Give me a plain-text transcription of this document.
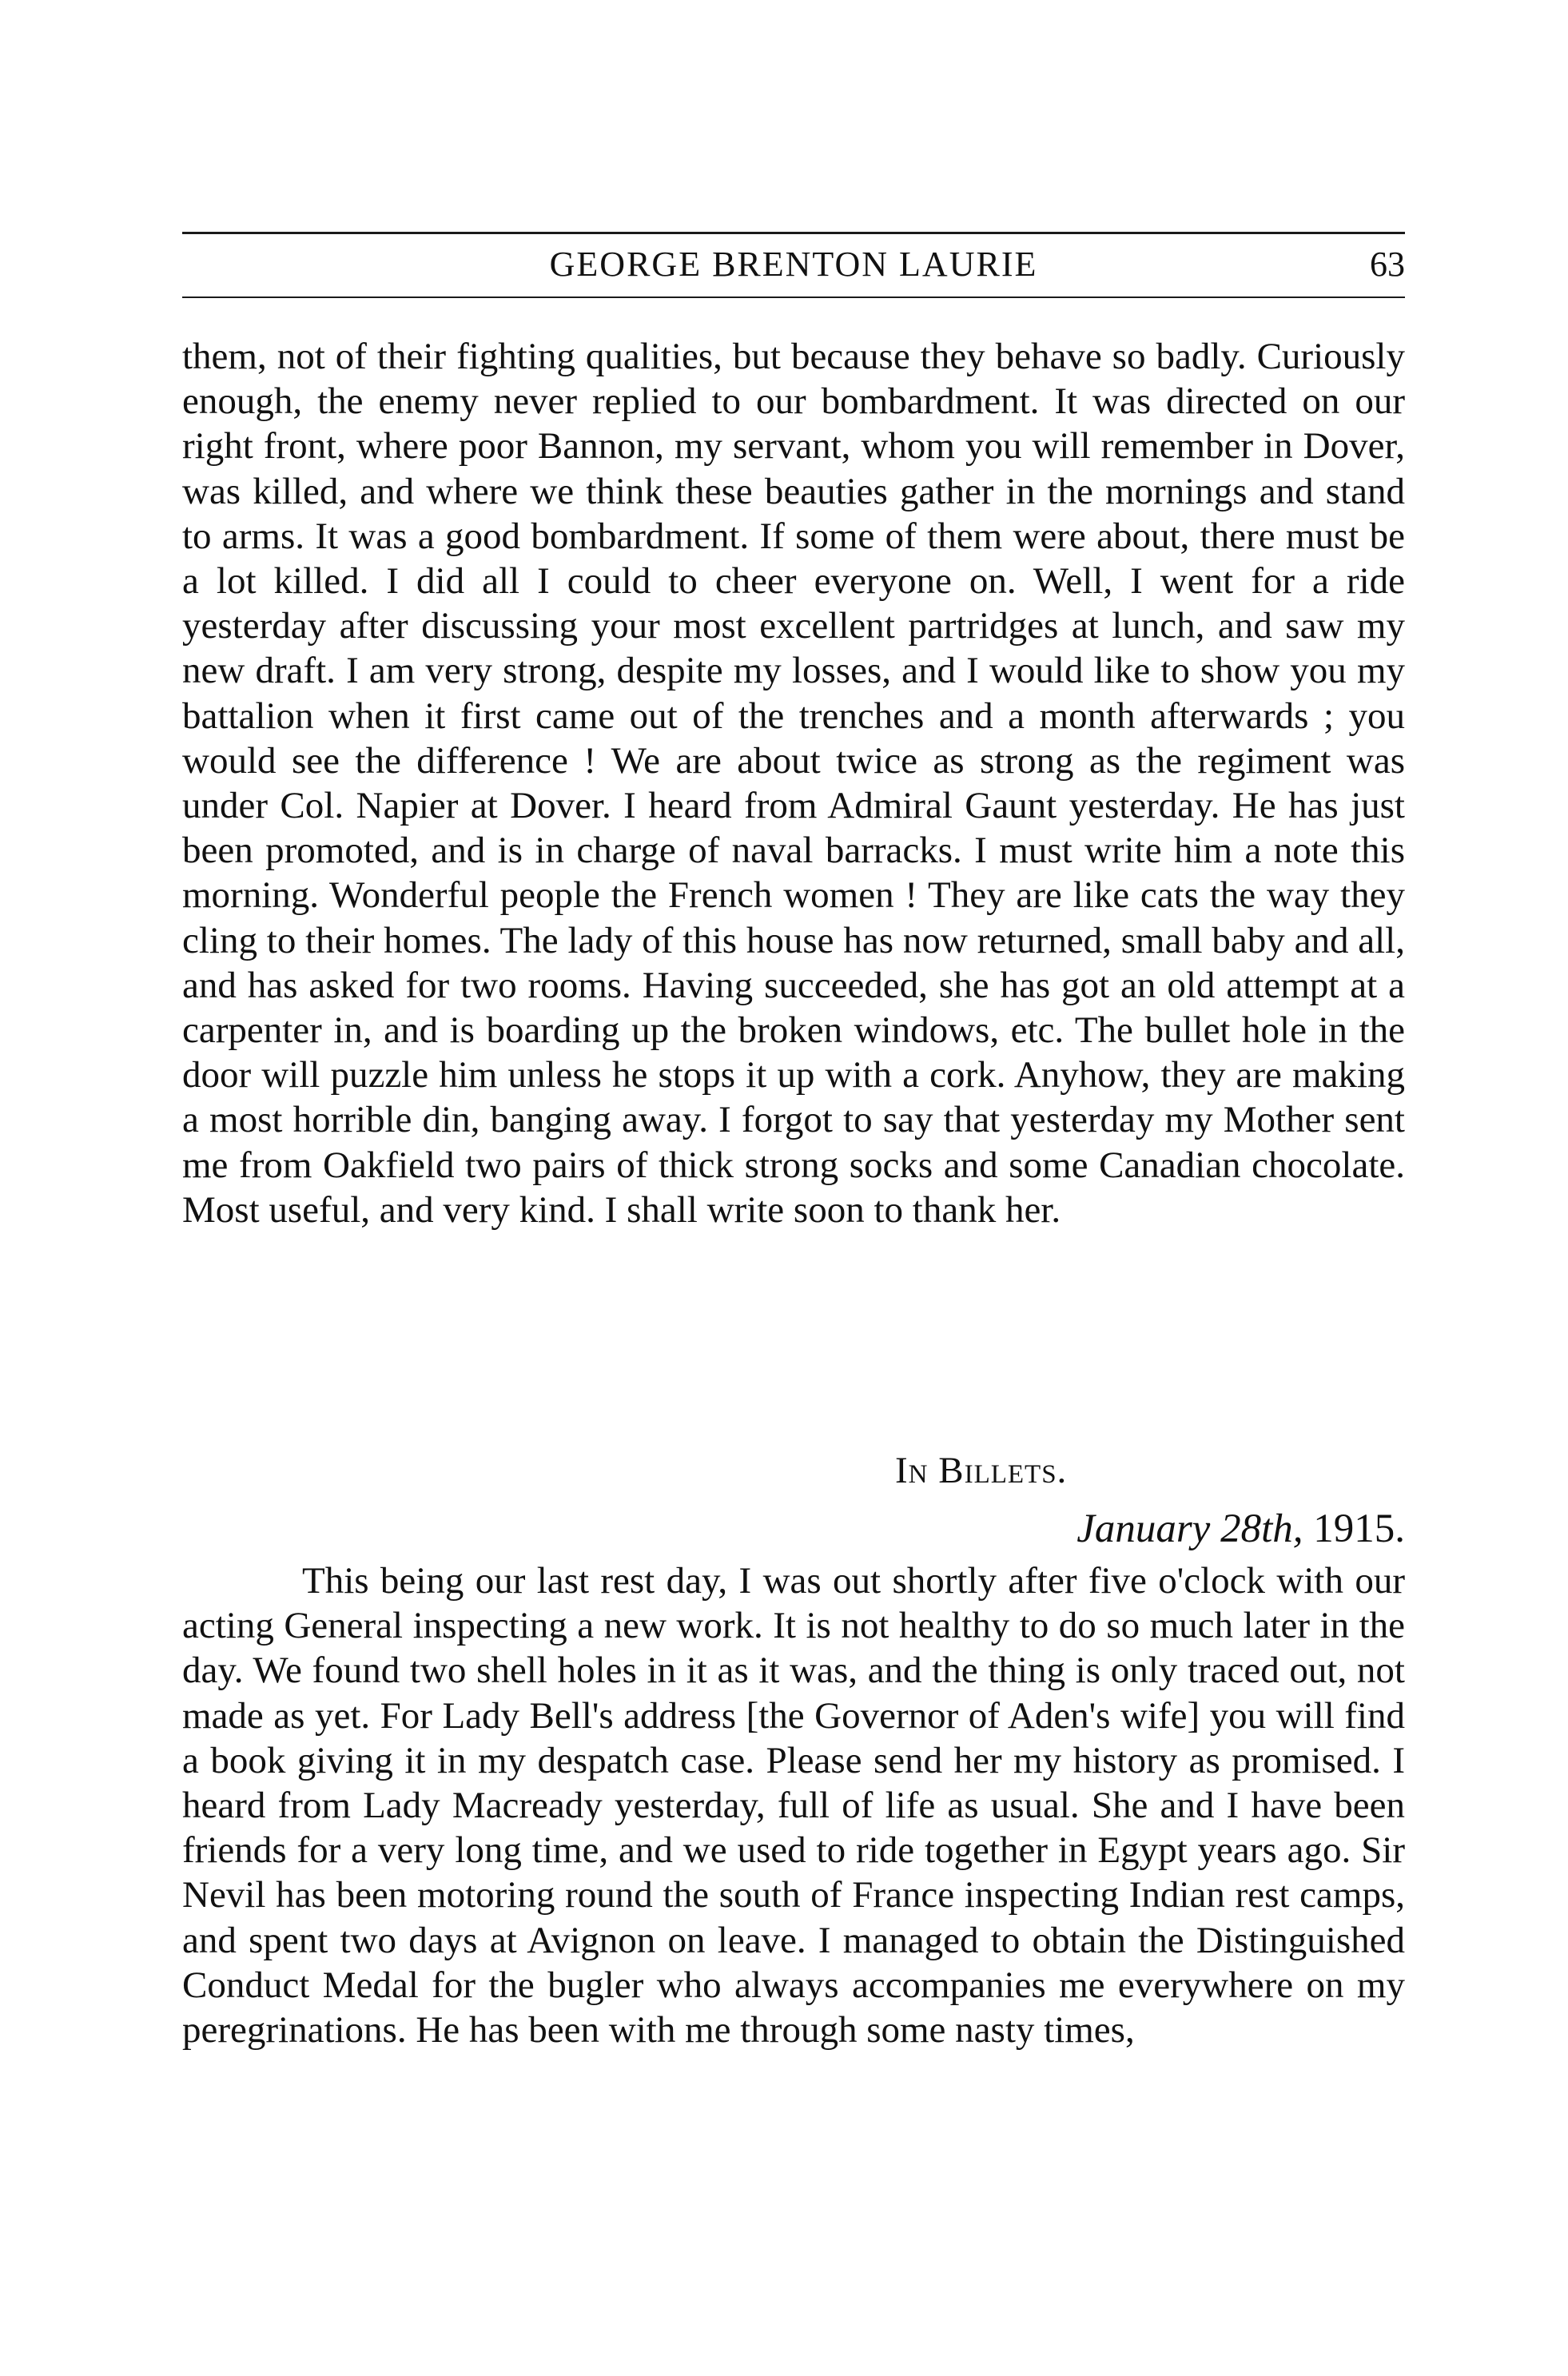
GEORGE BRENTON LAURIE	63

them, not of their fighting qualities, but because they behave so badly. Curiously enough, the enemy never replied to our bombardment. It was directed on our right front, where poor Bannon, my servant, whom you will remember in Dover, was killed, and where we think these beauties gather in the mornings and stand to arms. It was a good bombardment. If some of them were about, there must be a lot killed. I did all I could to cheer everyone on. Well, I went for a ride yesterday after discussing your most excellent partridges at lunch, and saw my new draft. I am very strong, despite my losses, and I would like to show you my battalion when it first came out of the trenches and a month afterwards ; you would see the difference ! We are about twice as strong as the regiment was under Col. Napier at Dover. I heard from Admiral Gaunt yesterday. He has just been promoted, and is in charge of naval barracks. I must write him a note this morning. Wonderful people the French women ! They are like cats the way they cling to their homes. The lady of this house has now returned, small baby and all, and has asked for two rooms. Having succeeded, she has got an old attempt at a carpenter in, and is boarding up the broken windows, etc. The bullet hole in the door will puzzle him unless he stops it up with a cork. Anyhow, they are making a most horrible din, banging away. I forgot to say that yesterday my Mother sent me from Oakfield two pairs of thick strong socks and some Canadian chocolate. Most useful, and very kind. I shall write soon to thank her.

In Billets.
January 28th, 1915.

This being our last rest day, I was out shortly after five o'clock with our acting General inspecting a new work. It is not healthy to do so much later in the day. We found two shell holes in it as it was, and the thing is only traced out, not made as yet. For Lady Bell's address [the Governor of Aden's wife] you will find a book giving it in my despatch case. Please send her my history as promised. I heard from Lady Macready yesterday, full of life as usual. She and I have been friends for a very long time, and we used to ride together in Egypt years ago. Sir Nevil has been motoring round the south of France inspecting Indian rest camps, and spent two days at Avignon on leave. I managed to obtain the Distinguished Conduct Medal for the bugler who always accompanies me everywhere on my peregrinations. He has been with me through some nasty times,
